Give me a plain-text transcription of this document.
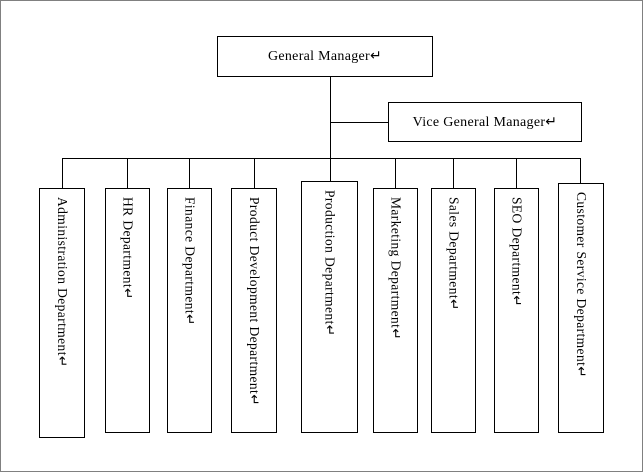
General Manager↵
Vice General Manager↵
Administration Department↵	HR Department↵	Finance Department↵	Product Development Department↵	Production Department↵	Marketing Department↵	Sales Department↵	SEO Department↵	Customer Service Department↵
